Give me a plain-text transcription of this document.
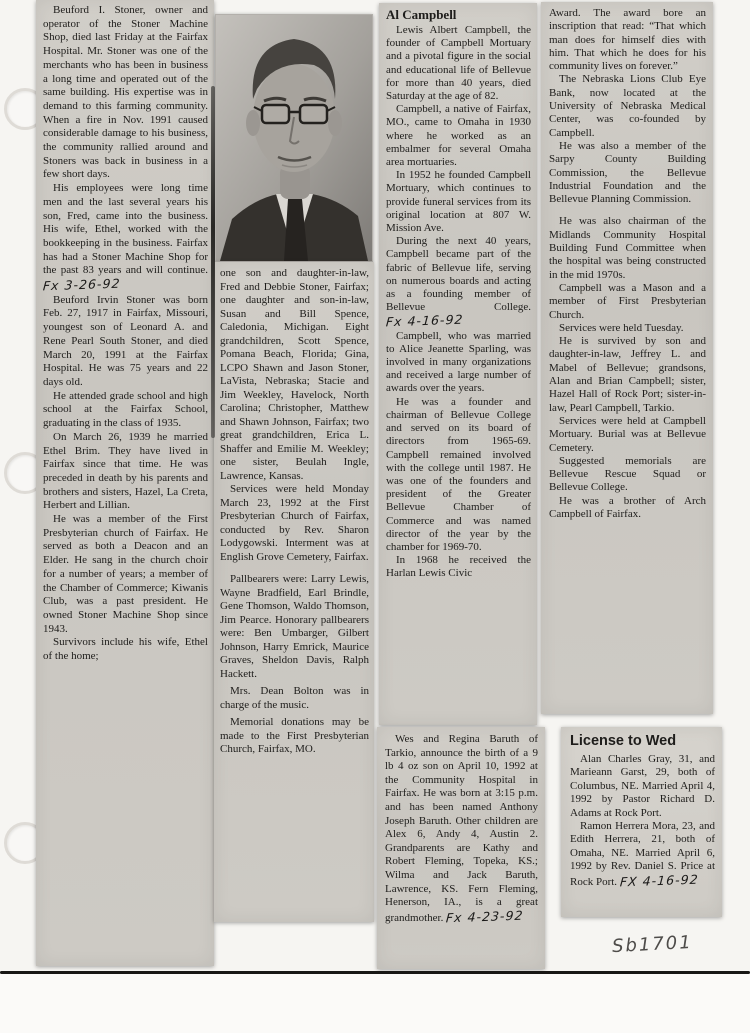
Beuford I. Stoner, owner and operator of the Stoner Machine Shop, died last Friday at the Fairfax Hospital. Mr. Stoner was one of the merchants who has been in business a long time and operated out of the same building. His expertise was in demand to this farming community. When a fire in Nov. 1991 caused considerable damage to his business, the community rallied around and Stoners was back in business in a few short days.

His employees were long time men and the last several years his son, Fred, came into the business. His wife, Ethel, worked with the bookkeeping in the business. Fairfax has had a Stoner Machine Shop for the past 83 years and will continue. Fx 3-26-92

Beuford Irvin Stoner was born Feb. 27, 1917 in Fairfax, Missouri, youngest son of Leonard A. and Rene Pearl South Stoner, and died March 20, 1991 at the Fairfax Hospital. He was 75 years and 22 days old.

He attended grade school and high school at the Fairfax School, graduating in the class of 1935.

On March 26, 1939 he married Ethel Brim. They have lived in Fairfax since that time. He was preceded in death by his parents and brothers and sisters, Hazel, La Creta, Herbert and Lillian.

He was a member of the First Presbyterian church of Fairfax. He served as both a Deacon and an Elder. He sang in the church choir for a number of years; a member of the Chamber of Commerce; Kiwanis Club, was a past president. He owned Stoner Machine Shop since 1943.

Survivors include his wife, Ethel of the home;

one son and daughter-in-law, Fred and Debbie Stoner, Fairfax; one daughter and son-in-law, Susan and Bill Spence, Caledonia, Michigan. Eight grandchildren, Scott Spence, Pomana Beach, Florida; Gina, LCPO Shawn and Jason Stoner, LaVista, Nebraska; Stacie and Jim Weekley, Havelock, North Carolina; Christopher, Matthew and Shawn Johnson, Fairfax; two great grandchildren, Erica L. Shaffer and Emilie M. Weekley; one sister, Beulah Ingle, Lawrence, Kansas.

Services were held Monday March 23, 1992 at the First Presbyterian Church of Fairfax, conducted by Rev. Sharon Lodygowski. Interment was at English Grove Cemetery, Fairfax.

Pallbearers were: Larry Lewis, Wayne Bradfield, Earl Brindle, Gene Thomson, Waldo Thomson, Jim Pearce. Honorary pallbearers were: Ben Umbarger, Gilbert Johnson, Harry Emrick, Maurice Graves, Sheldon Davis, Ralph Hackett.

Mrs. Dean Bolton was in charge of the music.

Memorial donations may be made to the First Presbyterian Church, Fairfax, MO.

Al Campbell

Lewis Albert Campbell, the founder of Campbell Mortuary and a pivotal figure in the social and educational life of Bellevue for more than 40 years, died Saturday at the age of 82.

Campbell, a native of Fairfax, MO., came to Omaha in 1930 where he worked as an embalmer for several Omaha area mortuaries.

In 1952 he founded Campbell Mortuary, which continues to provide funeral services from its original location at 807 W. Mission Ave.

During the next 40 years, Campbell became part of the fabric of Bellevue life, serving on numerous boards and acting as a founding member of Bellevue College. Fx 4-16-92

Campbell, who was married to Alice Jeanette Sparling, was involved in many organizations and received a large number of awards over the years.

He was a founder and chairman of Bellevue College and served on its board of directors from 1965-69. Campbell remained involved with the college until 1987. He was one of the founders and president of the Greater Bellevue Chamber of Commerce and was named director of the year by the chamber for 1969-70.

In 1968 he received the Harlan Lewis Civic

Award. The award bore an inscription that read: “That which man does for himself dies with him. That which he does for his community lives on forever.”

The Nebraska Lions Club Eye Bank, now located at the University of Nebraska Medical Center, was co-founded by Campbell.

He was also a member of the Sarpy County Building Commission, the Bellevue Industrial Foundation and the Bellevue Planning Commission.

He was also chairman of the Midlands Community Hospital Building Fund Committee when the hospital was being constructed in the mid 1970s.

Campbell was a Mason and a member of First Presbyterian Church.

Services were held Tuesday.

He is survived by son and daughter-in-law, Jeffrey L. and Mabel of Bellevue; grandsons, Alan and Brian Campbell; sister, Hazel Hall of Rock Port; sister-in-law, Pearl Campbell, Tarkio.

Services were held at Campbell Mortuary. Burial was at Bellevue Cemetery.

Suggested memorials are Bellevue Rescue Squad or Bellevue College.

He was a brother of Arch Campbell of Fairfax.

Wes and Regina Baruth of Tarkio, announce the birth of a 9 lb 4 oz son on April 10, 1992 at the Community Hospital in Fairfax. He was born at 3:15 p.m. and has been named Anthony Joseph Baruth. Other children are Alex 6, Andy 4, Austin 2. Grandparents are Kathy and Robert Fleming, Topeka, KS.; Wilma and Jack Baruth, Lawrence, KS. Fern Fleming, Henerson, IA., is a great grandmother. Fx 4-23-92

License to Wed

Alan Charles Gray, 31, and Marieann Garst, 29, both of Columbus, NE. Married April 4, 1992 by Pastor Richard D. Adams at Rock Port.

Ramon Herrera Mora, 23, and Edith Herrera, 21, both of Omaha, NE. Married April 6, 1992 by Rev. Daniel S. Price at Rock Port. FX 4-16-92

Sb1701
